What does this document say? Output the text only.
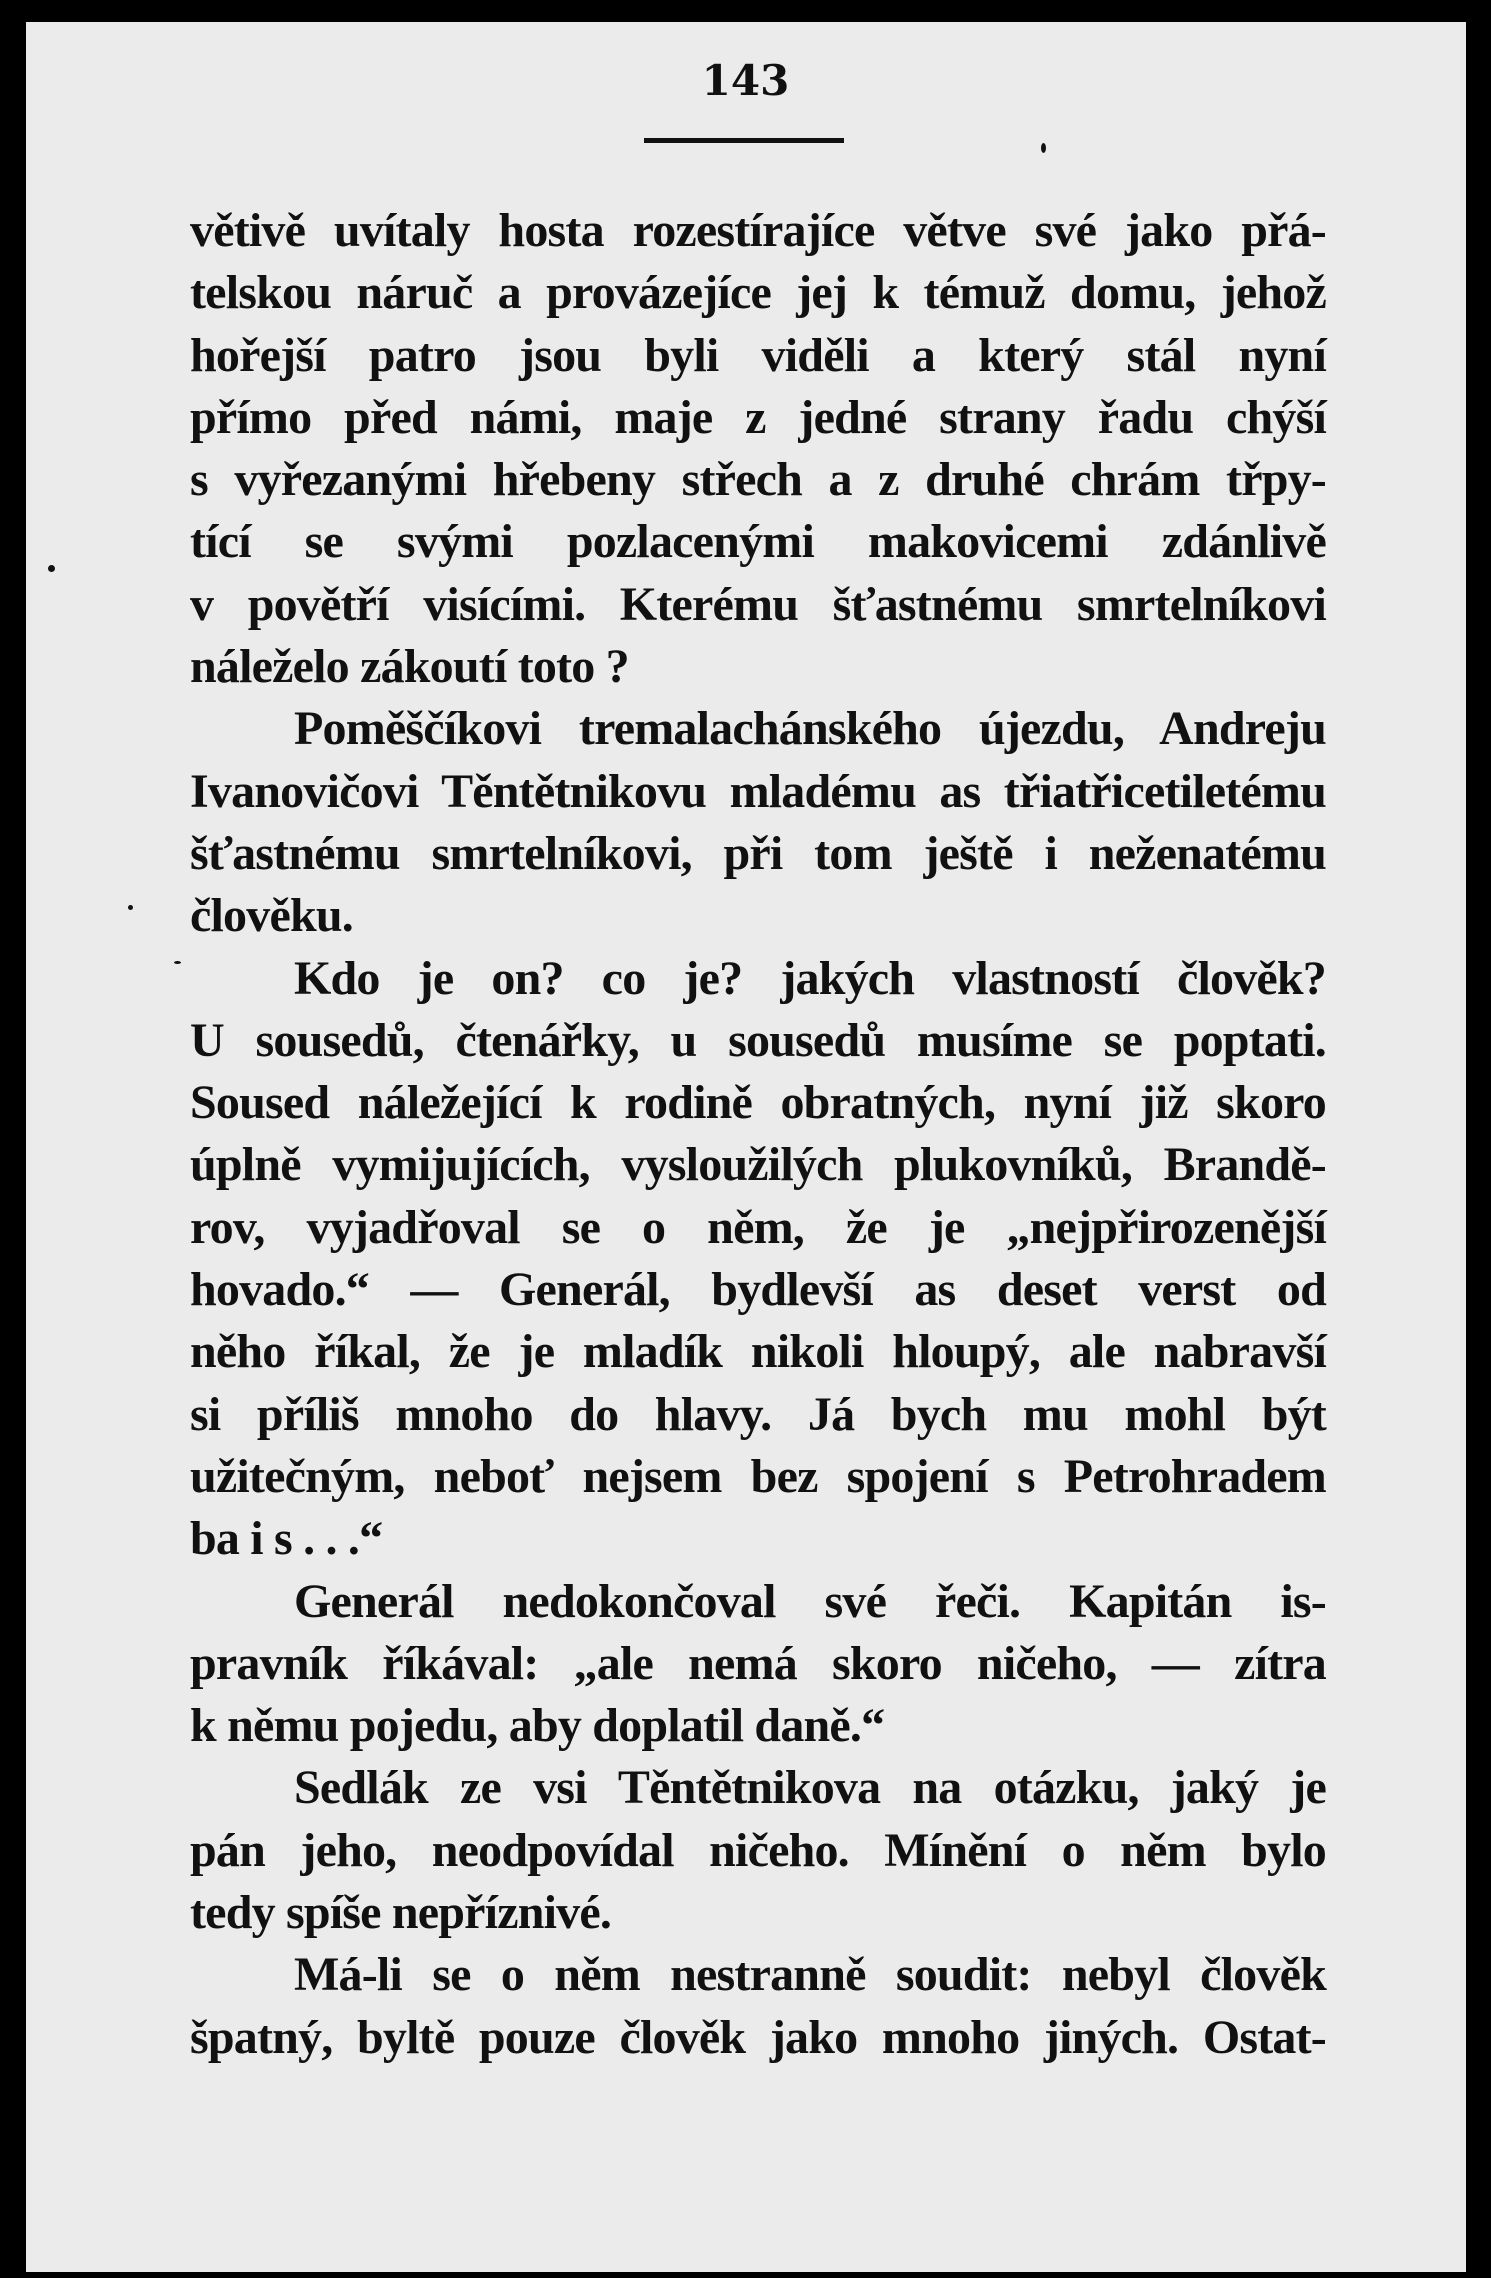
143
větivě uvítaly hosta rozestírajíce větve své jako přá-
telskou náruč a provázejíce jej k témuž domu, jehož
hořejší patro jsou byli viděli a který stál nyní
přímo před námi, maje z jedné strany řadu chýší
s vyřezanými hřebeny střech a z druhé chrám třpy-
tící se svými pozlacenými makovicemi zdánlivě
v povětří visícími. Kterému šťastnému smrtelníkovi
náleželo zákoutí toto ?
Poměščíkovi tremalachánského újezdu, Andreju
Ivanovičovi Těntětnikovu mladému as třiatřicetiletému
šťastnému smrtelníkovi, při tom ještě i neženatému
člověku.
Kdo je on? co je? jakých vlastností člověk?
U sousedů, čtenářky, u sousedů musíme se poptati.
Soused náležející k rodině obratných, nyní již skoro
úplně vymijujících, vysloužilých plukovníků, Brandě-
rov, vyjadřoval se o něm, že je „nejpřirozenější
hovado.“ — Generál, bydlevší as deset verst od
něho říkal, že je mladík nikoli hloupý, ale nabravší
si příliš mnoho do hlavy. Já bych mu mohl být
užitečným, neboť nejsem bez spojení s Petrohradem
ba i s . . .“
Generál nedokončoval své řeči. Kapitán is-
pravník říkával: „ale nemá skoro ničeho, — zítra
k němu pojedu, aby doplatil daně.“
Sedlák ze vsi Těntětnikova na otázku, jaký je
pán jeho, neodpovídal ničeho. Mínění o něm bylo
tedy spíše nepříznivé.
Má-li se o něm nestranně soudit: nebyl člověk
špatný, byltě pouze člověk jako mnoho jiných. Ostat-
